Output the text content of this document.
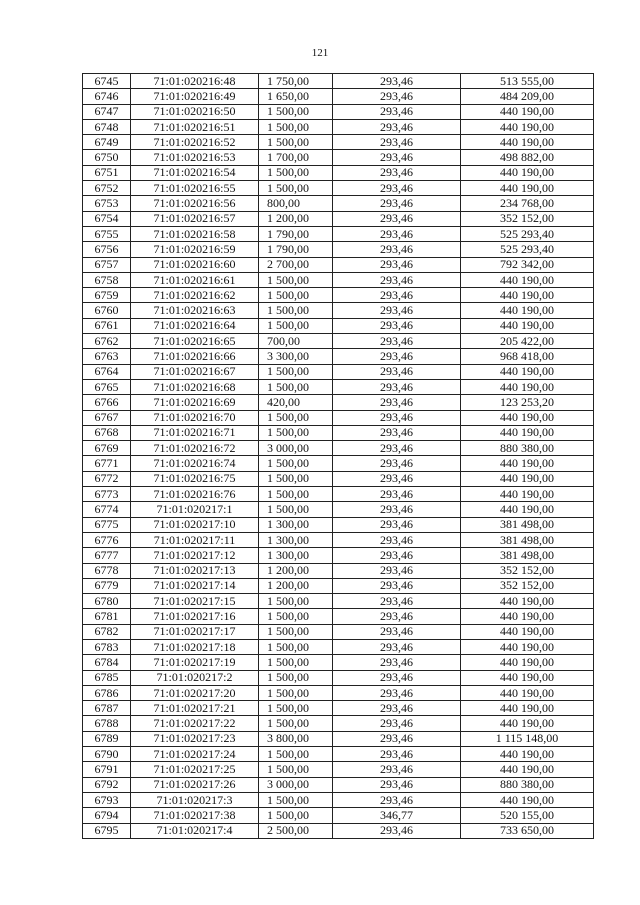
121
6745	71:01:020216:48	1 750,00	293,46	513 555,00
6746	71:01:020216:49	1 650,00	293,46	484 209,00
6747	71:01:020216:50	1 500,00	293,46	440 190,00
6748	71:01:020216:51	1 500,00	293,46	440 190,00
6749	71:01:020216:52	1 500,00	293,46	440 190,00
6750	71:01:020216:53	1 700,00	293,46	498 882,00
6751	71:01:020216:54	1 500,00	293,46	440 190,00
6752	71:01:020216:55	1 500,00	293,46	440 190,00
6753	71:01:020216:56	800,00	293,46	234 768,00
6754	71:01:020216:57	1 200,00	293,46	352 152,00
6755	71:01:020216:58	1 790,00	293,46	525 293,40
6756	71:01:020216:59	1 790,00	293,46	525 293,40
6757	71:01:020216:60	2 700,00	293,46	792 342,00
6758	71:01:020216:61	1 500,00	293,46	440 190,00
6759	71:01:020216:62	1 500,00	293,46	440 190,00
6760	71:01:020216:63	1 500,00	293,46	440 190,00
6761	71:01:020216:64	1 500,00	293,46	440 190,00
6762	71:01:020216:65	700,00	293,46	205 422,00
6763	71:01:020216:66	3 300,00	293,46	968 418,00
6764	71:01:020216:67	1 500,00	293,46	440 190,00
6765	71:01:020216:68	1 500,00	293,46	440 190,00
6766	71:01:020216:69	420,00	293,46	123 253,20
6767	71:01:020216:70	1 500,00	293,46	440 190,00
6768	71:01:020216:71	1 500,00	293,46	440 190,00
6769	71:01:020216:72	3 000,00	293,46	880 380,00
6771	71:01:020216:74	1 500,00	293,46	440 190,00
6772	71:01:020216:75	1 500,00	293,46	440 190,00
6773	71:01:020216:76	1 500,00	293,46	440 190,00
6774	71:01:020217:1	1 500,00	293,46	440 190,00
6775	71:01:020217:10	1 300,00	293,46	381 498,00
6776	71:01:020217:11	1 300,00	293,46	381 498,00
6777	71:01:020217:12	1 300,00	293,46	381 498,00
6778	71:01:020217:13	1 200,00	293,46	352 152,00
6779	71:01:020217:14	1 200,00	293,46	352 152,00
6780	71:01:020217:15	1 500,00	293,46	440 190,00
6781	71:01:020217:16	1 500,00	293,46	440 190,00
6782	71:01:020217:17	1 500,00	293,46	440 190,00
6783	71:01:020217:18	1 500,00	293,46	440 190,00
6784	71:01:020217:19	1 500,00	293,46	440 190,00
6785	71:01:020217:2	1 500,00	293,46	440 190,00
6786	71:01:020217:20	1 500,00	293,46	440 190,00
6787	71:01:020217:21	1 500,00	293,46	440 190,00
6788	71:01:020217:22	1 500,00	293,46	440 190,00
6789	71:01:020217:23	3 800,00	293,46	1 115 148,00
6790	71:01:020217:24	1 500,00	293,46	440 190,00
6791	71:01:020217:25	1 500,00	293,46	440 190,00
6792	71:01:020217:26	3 000,00	293,46	880 380,00
6793	71:01:020217:3	1 500,00	293,46	440 190,00
6794	71:01:020217:38	1 500,00	346,77	520 155,00
6795	71:01:020217:4	2 500,00	293,46	733 650,00
